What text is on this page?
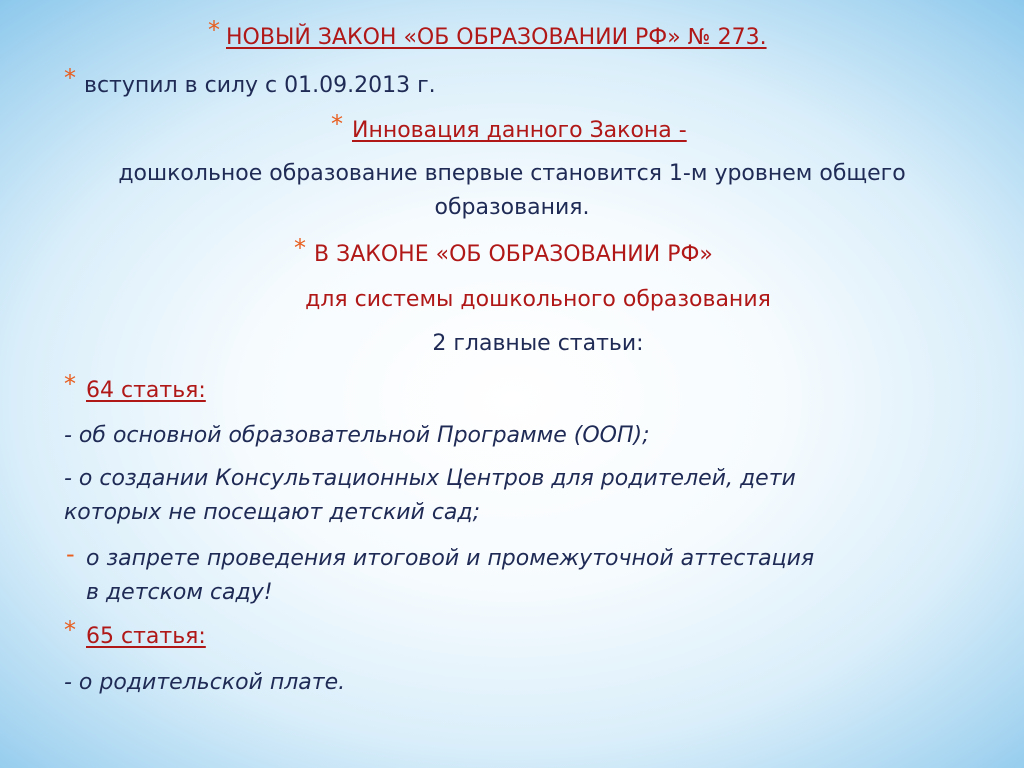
* НОВЫЙ ЗАКОН «ОБ ОБРАЗОВАНИИ РФ» № 273.
* вступил в силу с 01.09.2013 г.
* Инновация данного Закона -
дошкольное образование впервые становится 1-м уровнем общего
образования.
* В ЗАКОНЕ «ОБ ОБРАЗОВАНИИ РФ»
для системы дошкольного образования
2 главные статьи:
* 64 статья:
- об основной образовательной Программе (ООП);
- о создании Консультационных Центров для родителей, дети
которых не посещают детский сад;
- о запрете проведения итоговой и промежуточной аттестация
в детском саду!
* 65 статья:
- о родительской плате.
